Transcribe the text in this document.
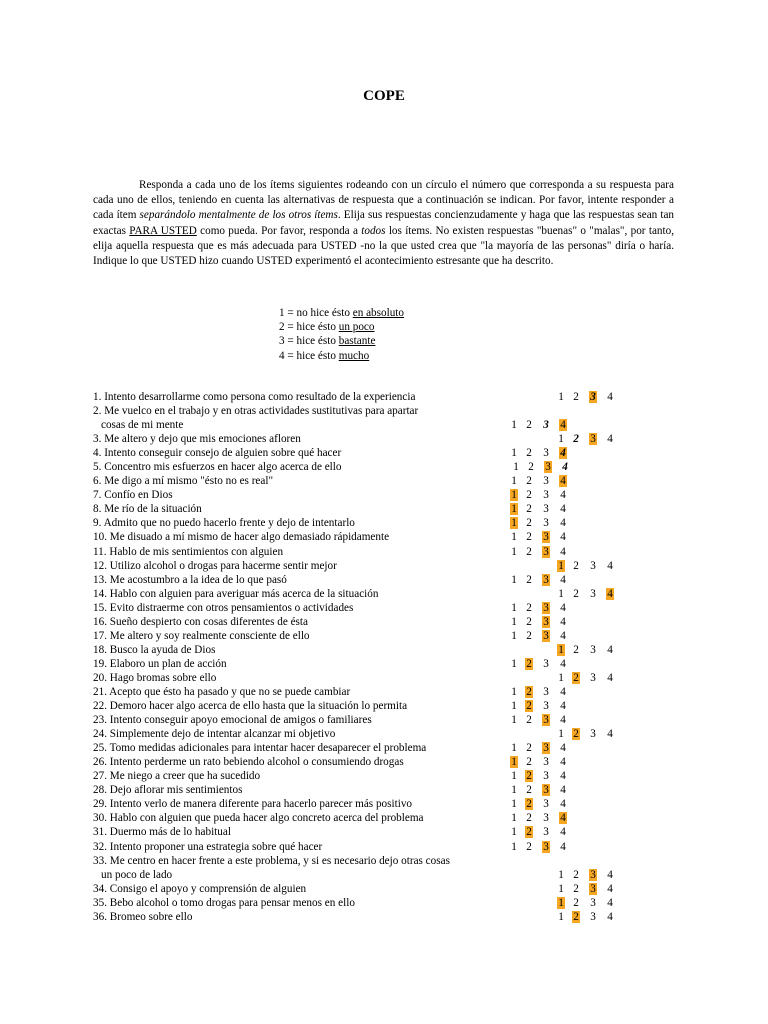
COPE
Responda a cada uno de los ítems siguientes rodeando con un círculo el número que corresponda a su respuesta para cada uno de ellos, teniendo en cuenta las alternativas de respuesta que a continuación se indican. Por favor, intente responder a cada ítem separándolo mentalmente de los otros ítems. Elija sus respuestas concienzudamente y haga que las respuestas sean tan exactas PARA USTED como pueda. Por favor, responda a todos los ítems. No existen respuestas "buenas" o "malas", por tanto, elija aquella respuesta que es más adecuada para USTED -no la que usted crea que "la mayoría de las personas" diría o haría. Indique lo que USTED hizo cuando USTED experimentó el acontecimiento estresante que ha descrito.
1 = no hice ésto en absoluto
2 = hice ésto un poco
3 = hice ésto bastante
4 = hice ésto mucho
1. Intento desarrollarme como persona como resultado de la experiencia	1 2 3 4
2. Me vuelco en el trabajo y en otras actividades sustitutivas para apartar
cosas de mi mente	1 2 3 4
3. Me altero y dejo que mis emociones afloren	1 2 3 4
4. Intento conseguir consejo de alguien sobre qué hacer	1 2 3 4
5. Concentro mis esfuerzos en hacer algo acerca de ello	1 2 3 4
6. Me digo a mí mismo "ésto no es real"	1 2 3 4
7. Confío en Dios	1 2 3 4
8. Me río de la situación	1 2 3 4
9. Admito que no puedo hacerlo frente y dejo de intentarlo	1 2 3 4
10. Me disuado a mí mismo de hacer algo demasiado rápidamente	1 2 3 4
11. Hablo de mis sentimientos con alguien	1 2 3 4
12. Utilizo alcohol o drogas para hacerme sentir mejor	1 2 3 4
13. Me acostumbro a la idea de lo que pasó	1 2 3 4
14. Hablo con alguien para averiguar más acerca de la situación	1 2 3 4
15. Evito distraerme con otros pensamientos o actividades	1 2 3 4
16. Sueño despierto con cosas diferentes de ésta	1 2 3 4
17. Me altero y soy realmente consciente de ello	1 2 3 4
18. Busco la ayuda de Dios	1 2 3 4
19. Elaboro un plan de acción	1 2 3 4
20. Hago bromas sobre ello	1 2 3 4
21. Acepto que ésto ha pasado y que no se puede cambiar	1 2 3 4
22. Demoro hacer algo acerca de ello hasta que la situación lo permita	1 2 3 4
23. Intento conseguir apoyo emocional de amigos o familiares	1 2 3 4
24. Simplemente dejo de intentar alcanzar mi objetivo	1 2 3 4
25. Tomo medidas adicionales para intentar hacer desaparecer el problema	1 2 3 4
26. Intento perderme un rato bebiendo alcohol o consumiendo drogas	1 2 3 4
27. Me niego a creer que ha sucedido	1 2 3 4
28. Dejo aflorar mis sentimientos	1 2 3 4
29. Intento verlo de manera diferente para hacerlo parecer más positivo	1 2 3 4
30. Hablo con alguien que pueda hacer algo concreto acerca del problema	1 2 3 4
31. Duermo más de lo habitual	1 2 3 4
32. Intento proponer una estrategia sobre qué hacer	1 2 3 4
33. Me centro en hacer frente a este problema, y si es necesario dejo otras cosas
un poco de lado	1 2 3 4
34. Consigo el apoyo y comprensión de alguien	1 2 3 4
35. Bebo alcohol o tomo drogas para pensar menos en ello	1 2 3 4
36. Bromeo sobre ello	1 2 3 4
